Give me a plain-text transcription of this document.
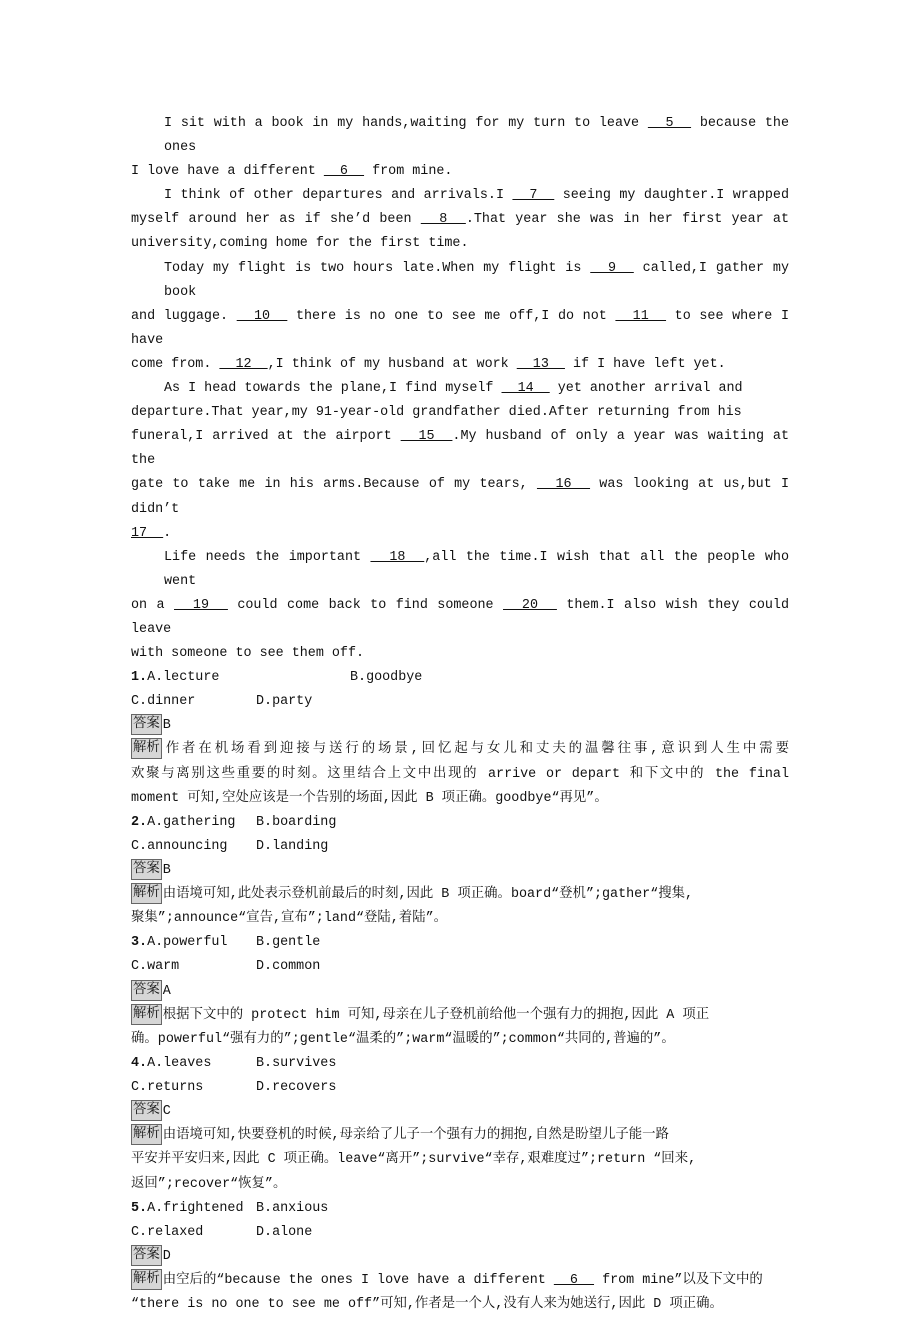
I sit with a book in my hands,waiting for my turn to leave   5   because the ones
I love have a different   6   from mine.
I think of other departures and arrivals.I   7   seeing my daughter.I wrapped
myself around her as if she’d been   8  .That year she was in her first year at
university,coming home for the first time.
Today my flight is two hours late.When my flight is   9   called,I gather my book
and luggage.   10   there is no one to see me off,I do not   11   to see where I have
come from.   12  ,I think of my husband at work   13   if I have left yet.
As I head towards the plane,I find myself   14   yet another arrival and
departure.That year,my 91-year-old grandfather died.After returning from his
funeral,I arrived at the airport   15  .My husband of only a year was waiting at the
gate to take me in his arms.Because of my tears,   16   was looking at us,but I didn’t
17  .
Life needs the important   18  ,all the time.I wish that all the people who went
on a   19   could come back to find someone   20   them.I also wish they could leave
with someone to see them off.
1.A.lecture	B.goodbye
C.dinner	D.party
答案 B
解析 作者在机场看到迎接与送行的场景,回忆起与女儿和丈夫的温馨往事,意识到人生中需要
欢聚与离别这些重要的时刻。这里结合上文中出现的 arrive or depart 和下文中的 the final
moment 可知,空处应该是一个告别的场面,因此 B 项正确。goodbye“再见”。
2.A.gathering	B.boarding
C.announcing	D.landing
答案 B
解析 由语境可知,此处表示登机前最后的时刻,因此 B 项正确。board“登机”;gather“搜集,
聚集”;announce“宣告,宣布”;land“登陆,着陆”。
3.A.powerful	B.gentle
C.warm	D.common
答案 A
解析 根据下文中的 protect him 可知,母亲在儿子登机前给他一个强有力的拥抱,因此 A 项正
确。powerful“强有力的”;gentle“温柔的”;warm“温暖的”;common“共同的,普遍的”。
4.A.leaves	B.survives
C.returns	D.recovers
答案 C
解析 由语境可知,快要登机的时候,母亲给了儿子一个强有力的拥抱,自然是盼望儿子能一路
平安并平安归来,因此 C 项正确。leave“离开”;survive“幸存,艰难度过”;return “回来,
返回”;recover“恢复”。
5.A.frightened B.anxious
C.relaxed	D.alone
答案 D
解析 由空后的“because the ones I love have a different   6   from mine”以及下文中的
“there is no one to see me off”可知,作者是一个人,没有人来为她送行,因此 D 项正确。
